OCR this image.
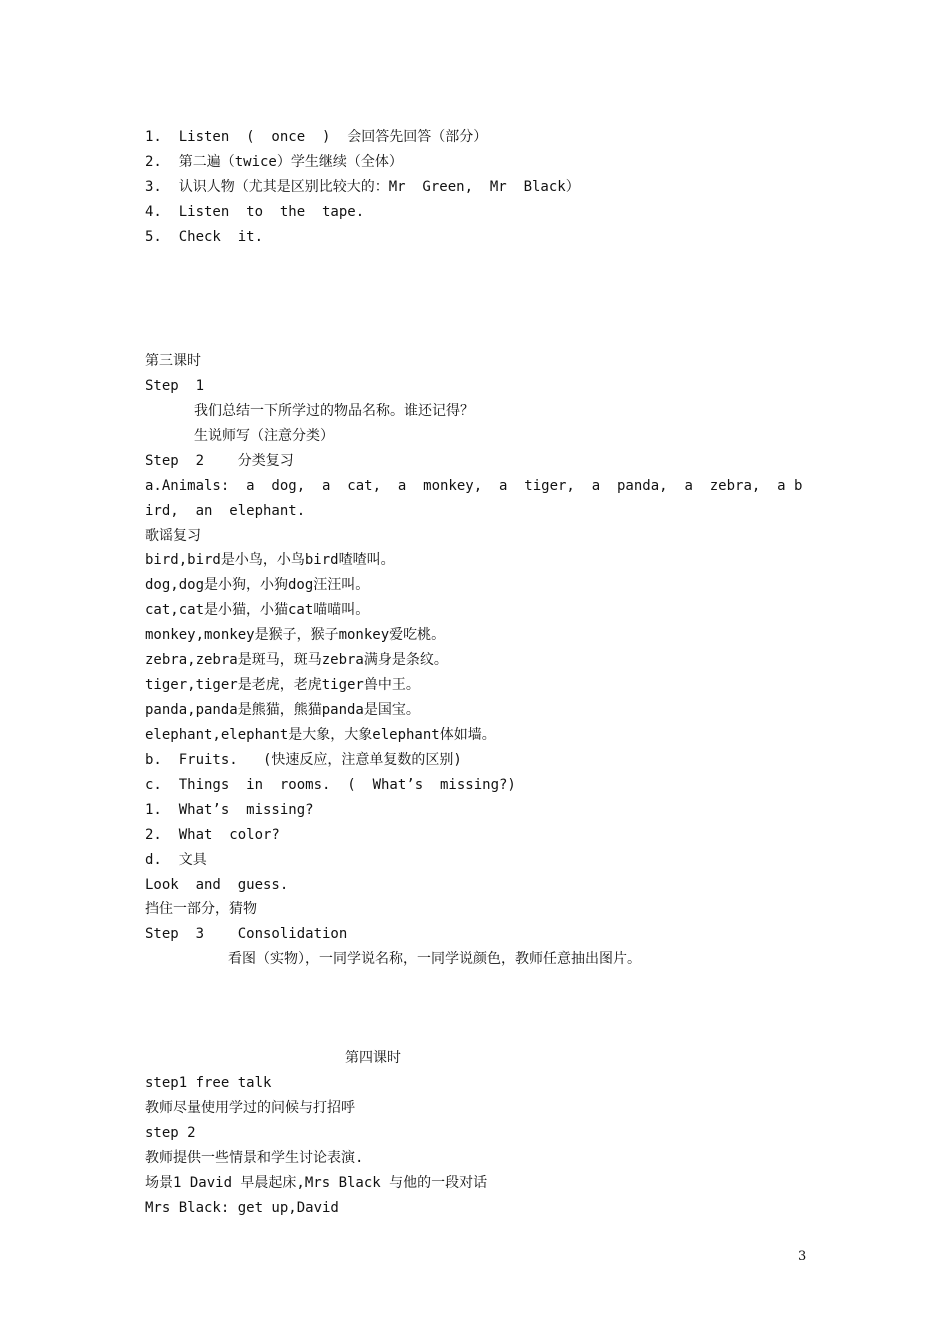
1.  Listen  (  once  )  会回答先回答（部分）
2.  第二遍（twice）学生继续（全体）
3.  认识人物（尤其是区别比较大的：Mr  Green,  Mr  Black）
4.  Listen  to  the  tape.
5.  Check  it.
第三课时
Step  1
我们总结一下所学过的物品名称。谁还记得？
生说师写（注意分类）
Step  2    分类复习
a.Animals:  a  dog,  a  cat,  a  monkey,  a  tiger,  a  panda,  a  zebra,  a b
ird,  an  elephant.
歌谣复习
bird,bird是小鸟，小鸟bird喳喳叫。
dog,dog是小狗，小狗dog汪汪叫。
cat,cat是小猫，小猫cat喵喵叫。
monkey,monkey是猴子，猴子monkey爱吃桃。
zebra,zebra是斑马，斑马zebra满身是条纹。
tiger,tiger是老虎，老虎tiger兽中王。
panda,panda是熊猫，熊猫panda是国宝。
elephant,elephant是大象，大象elephant体如墙。
b.  Fruits.   (快速反应，注意单复数的区别)
c.  Things  in  rooms.  (  What’s  missing?)
1.  What’s  missing?
2.  What  color?
d.  文具
Look  and  guess.
挡住一部分，猜物
Step  3    Consolidation
看图（实物），一同学说名称，一同学说颜色，教师任意抽出图片。
第四课时
step1 free talk
教师尽量使用学过的问候与打招呼
step 2
教师提供一些情景和学生讨论表演.
场景1 David 早晨起床,Mrs Black 与他的一段对话
Mrs Black: get up,David
3
